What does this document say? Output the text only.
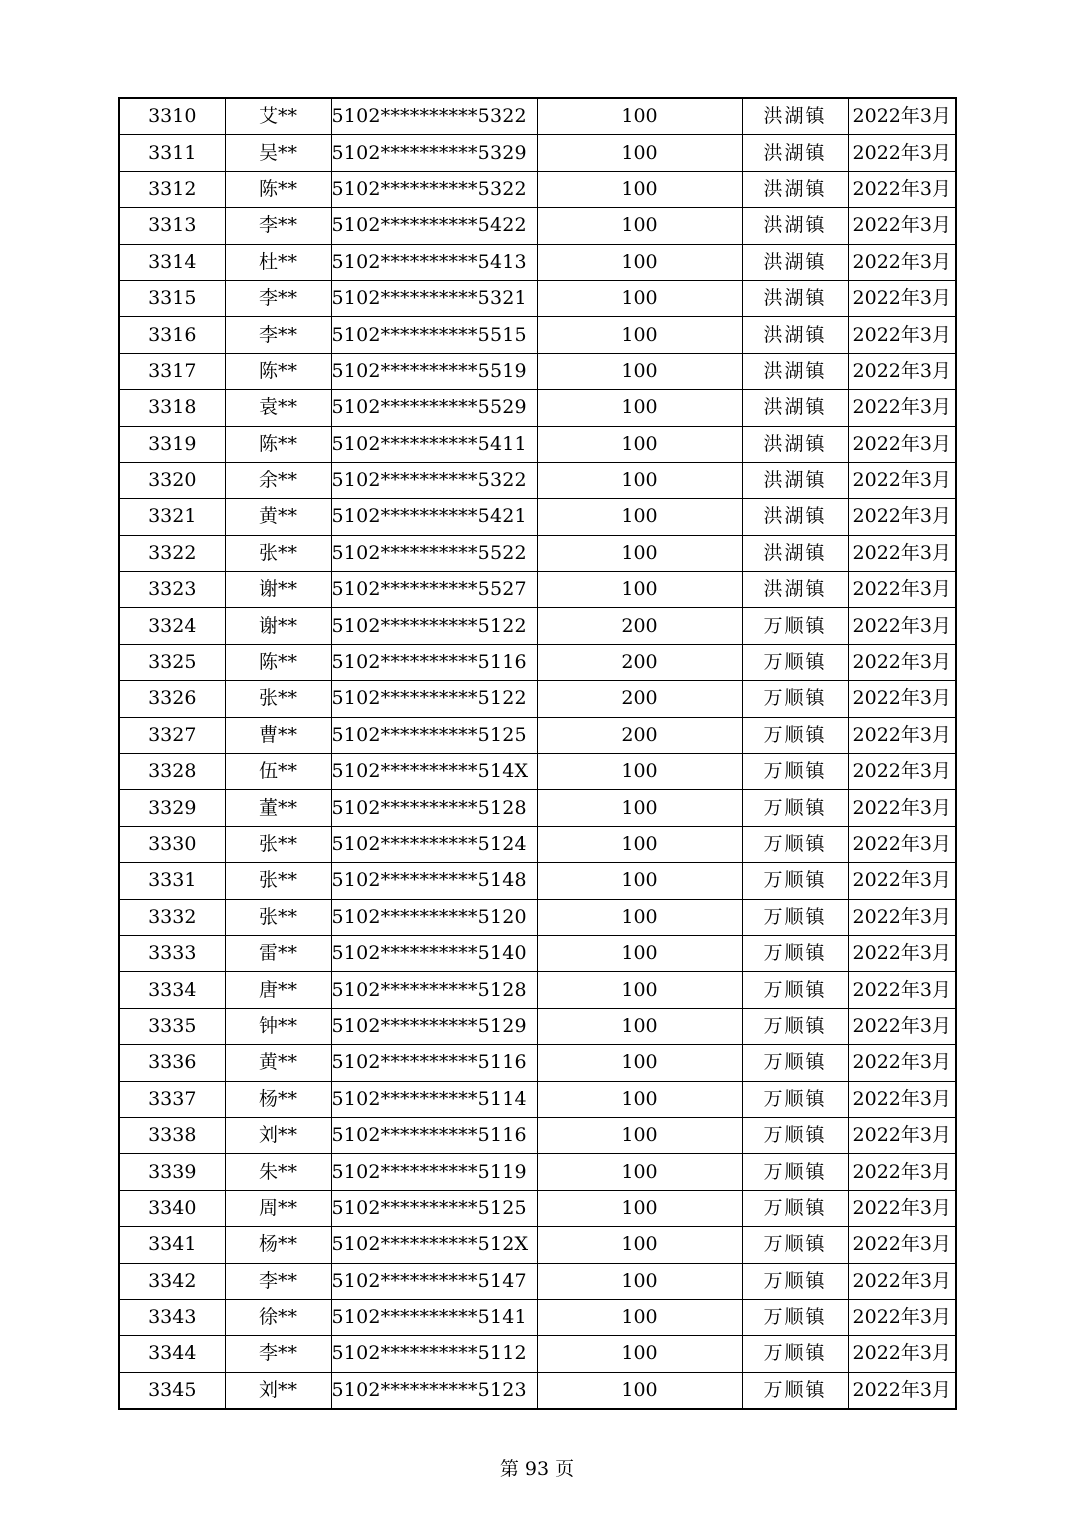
3310	艾**	5102**********5322	100	洪湖镇	2022年3月
3311	吴**	5102**********5329	100	洪湖镇	2022年3月
3312	陈**	5102**********5322	100	洪湖镇	2022年3月
3313	李**	5102**********5422	100	洪湖镇	2022年3月
3314	杜**	5102**********5413	100	洪湖镇	2022年3月
3315	李**	5102**********5321	100	洪湖镇	2022年3月
3316	李**	5102**********5515	100	洪湖镇	2022年3月
3317	陈**	5102**********5519	100	洪湖镇	2022年3月
3318	袁**	5102**********5529	100	洪湖镇	2022年3月
3319	陈**	5102**********5411	100	洪湖镇	2022年3月
3320	余**	5102**********5322	100	洪湖镇	2022年3月
3321	黄**	5102**********5421	100	洪湖镇	2022年3月
3322	张**	5102**********5522	100	洪湖镇	2022年3月
3323	谢**	5102**********5527	100	洪湖镇	2022年3月
3324	谢**	5102**********5122	200	万顺镇	2022年3月
3325	陈**	5102**********5116	200	万顺镇	2022年3月
3326	张**	5102**********5122	200	万顺镇	2022年3月
3327	曹**	5102**********5125	200	万顺镇	2022年3月
3328	伍**	5102**********514X	100	万顺镇	2022年3月
3329	董**	5102**********5128	100	万顺镇	2022年3月
3330	张**	5102**********5124	100	万顺镇	2022年3月
3331	张**	5102**********5148	100	万顺镇	2022年3月
3332	张**	5102**********5120	100	万顺镇	2022年3月
3333	雷**	5102**********5140	100	万顺镇	2022年3月
3334	唐**	5102**********5128	100	万顺镇	2022年3月
3335	钟**	5102**********5129	100	万顺镇	2022年3月
3336	黄**	5102**********5116	100	万顺镇	2022年3月
3337	杨**	5102**********5114	100	万顺镇	2022年3月
3338	刘**	5102**********5116	100	万顺镇	2022年3月
3339	朱**	5102**********5119	100	万顺镇	2022年3月
3340	周**	5102**********5125	100	万顺镇	2022年3月
3341	杨**	5102**********512X	100	万顺镇	2022年3月
3342	李**	5102**********5147	100	万顺镇	2022年3月
3343	徐**	5102**********5141	100	万顺镇	2022年3月
3344	李**	5102**********5112	100	万顺镇	2022年3月
3345	刘**	5102**********5123	100	万顺镇	2022年3月
第 93 页
